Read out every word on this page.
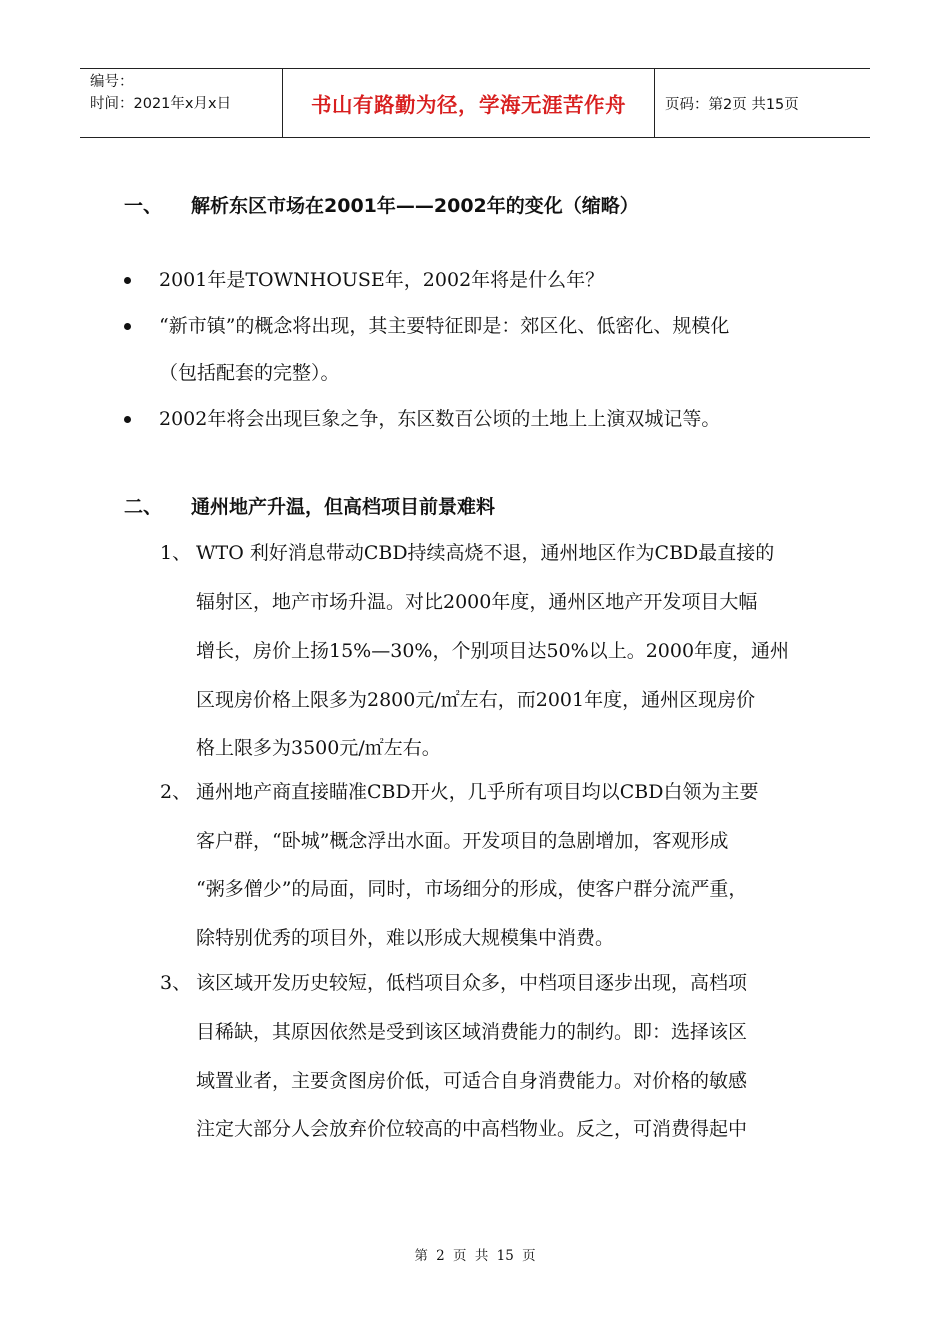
编号：
时间：2021年x月x日	书山有路勤为径，学海无涯苦作舟	页码：第2页 共15页
一、 解析东区市场在2001年——2002年的变化（缩略）
2001年是TOWNHOUSE年，2002年将是什么年？
“新市镇”的概念将出现，其主要特征即是：郊区化、低密化、规模化
（包括配套的完整）。
2002年将会出现巨象之争，东区数百公顷的土地上上演双城记等。
二、 通州地产升温，但高档项目前景难料
1、 WTO 利好消息带动CBD持续高烧不退，通州地区作为CBD最直接的
辐射区，地产市场升温。对比2000年度，通州区地产开发项目大幅
增长，房价上扬15%—30%，个别项目达50%以上。2000年度，通州
区现房价格上限多为2800元/㎡左右，而2001年度，通州区现房价
格上限多为3500元/㎡左右。
2、 通州地产商直接瞄准CBD开火，几乎所有项目均以CBD白领为主要
客户群，“卧城”概念浮出水面。开发项目的急剧增加，客观形成
“粥多僧少”的局面，同时，市场细分的形成，使客户群分流严重，
除特别优秀的项目外，难以形成大规模集中消费。
3、 该区域开发历史较短，低档项目众多，中档项目逐步出现，高档项
目稀缺，其原因依然是受到该区域消费能力的制约。即：选择该区
域置业者，主要贪图房价低，可适合自身消费能力。对价格的敏感
注定大部分人会放弃价位较高的中高档物业。反之，可消费得起中
第 2 页 共 15 页
